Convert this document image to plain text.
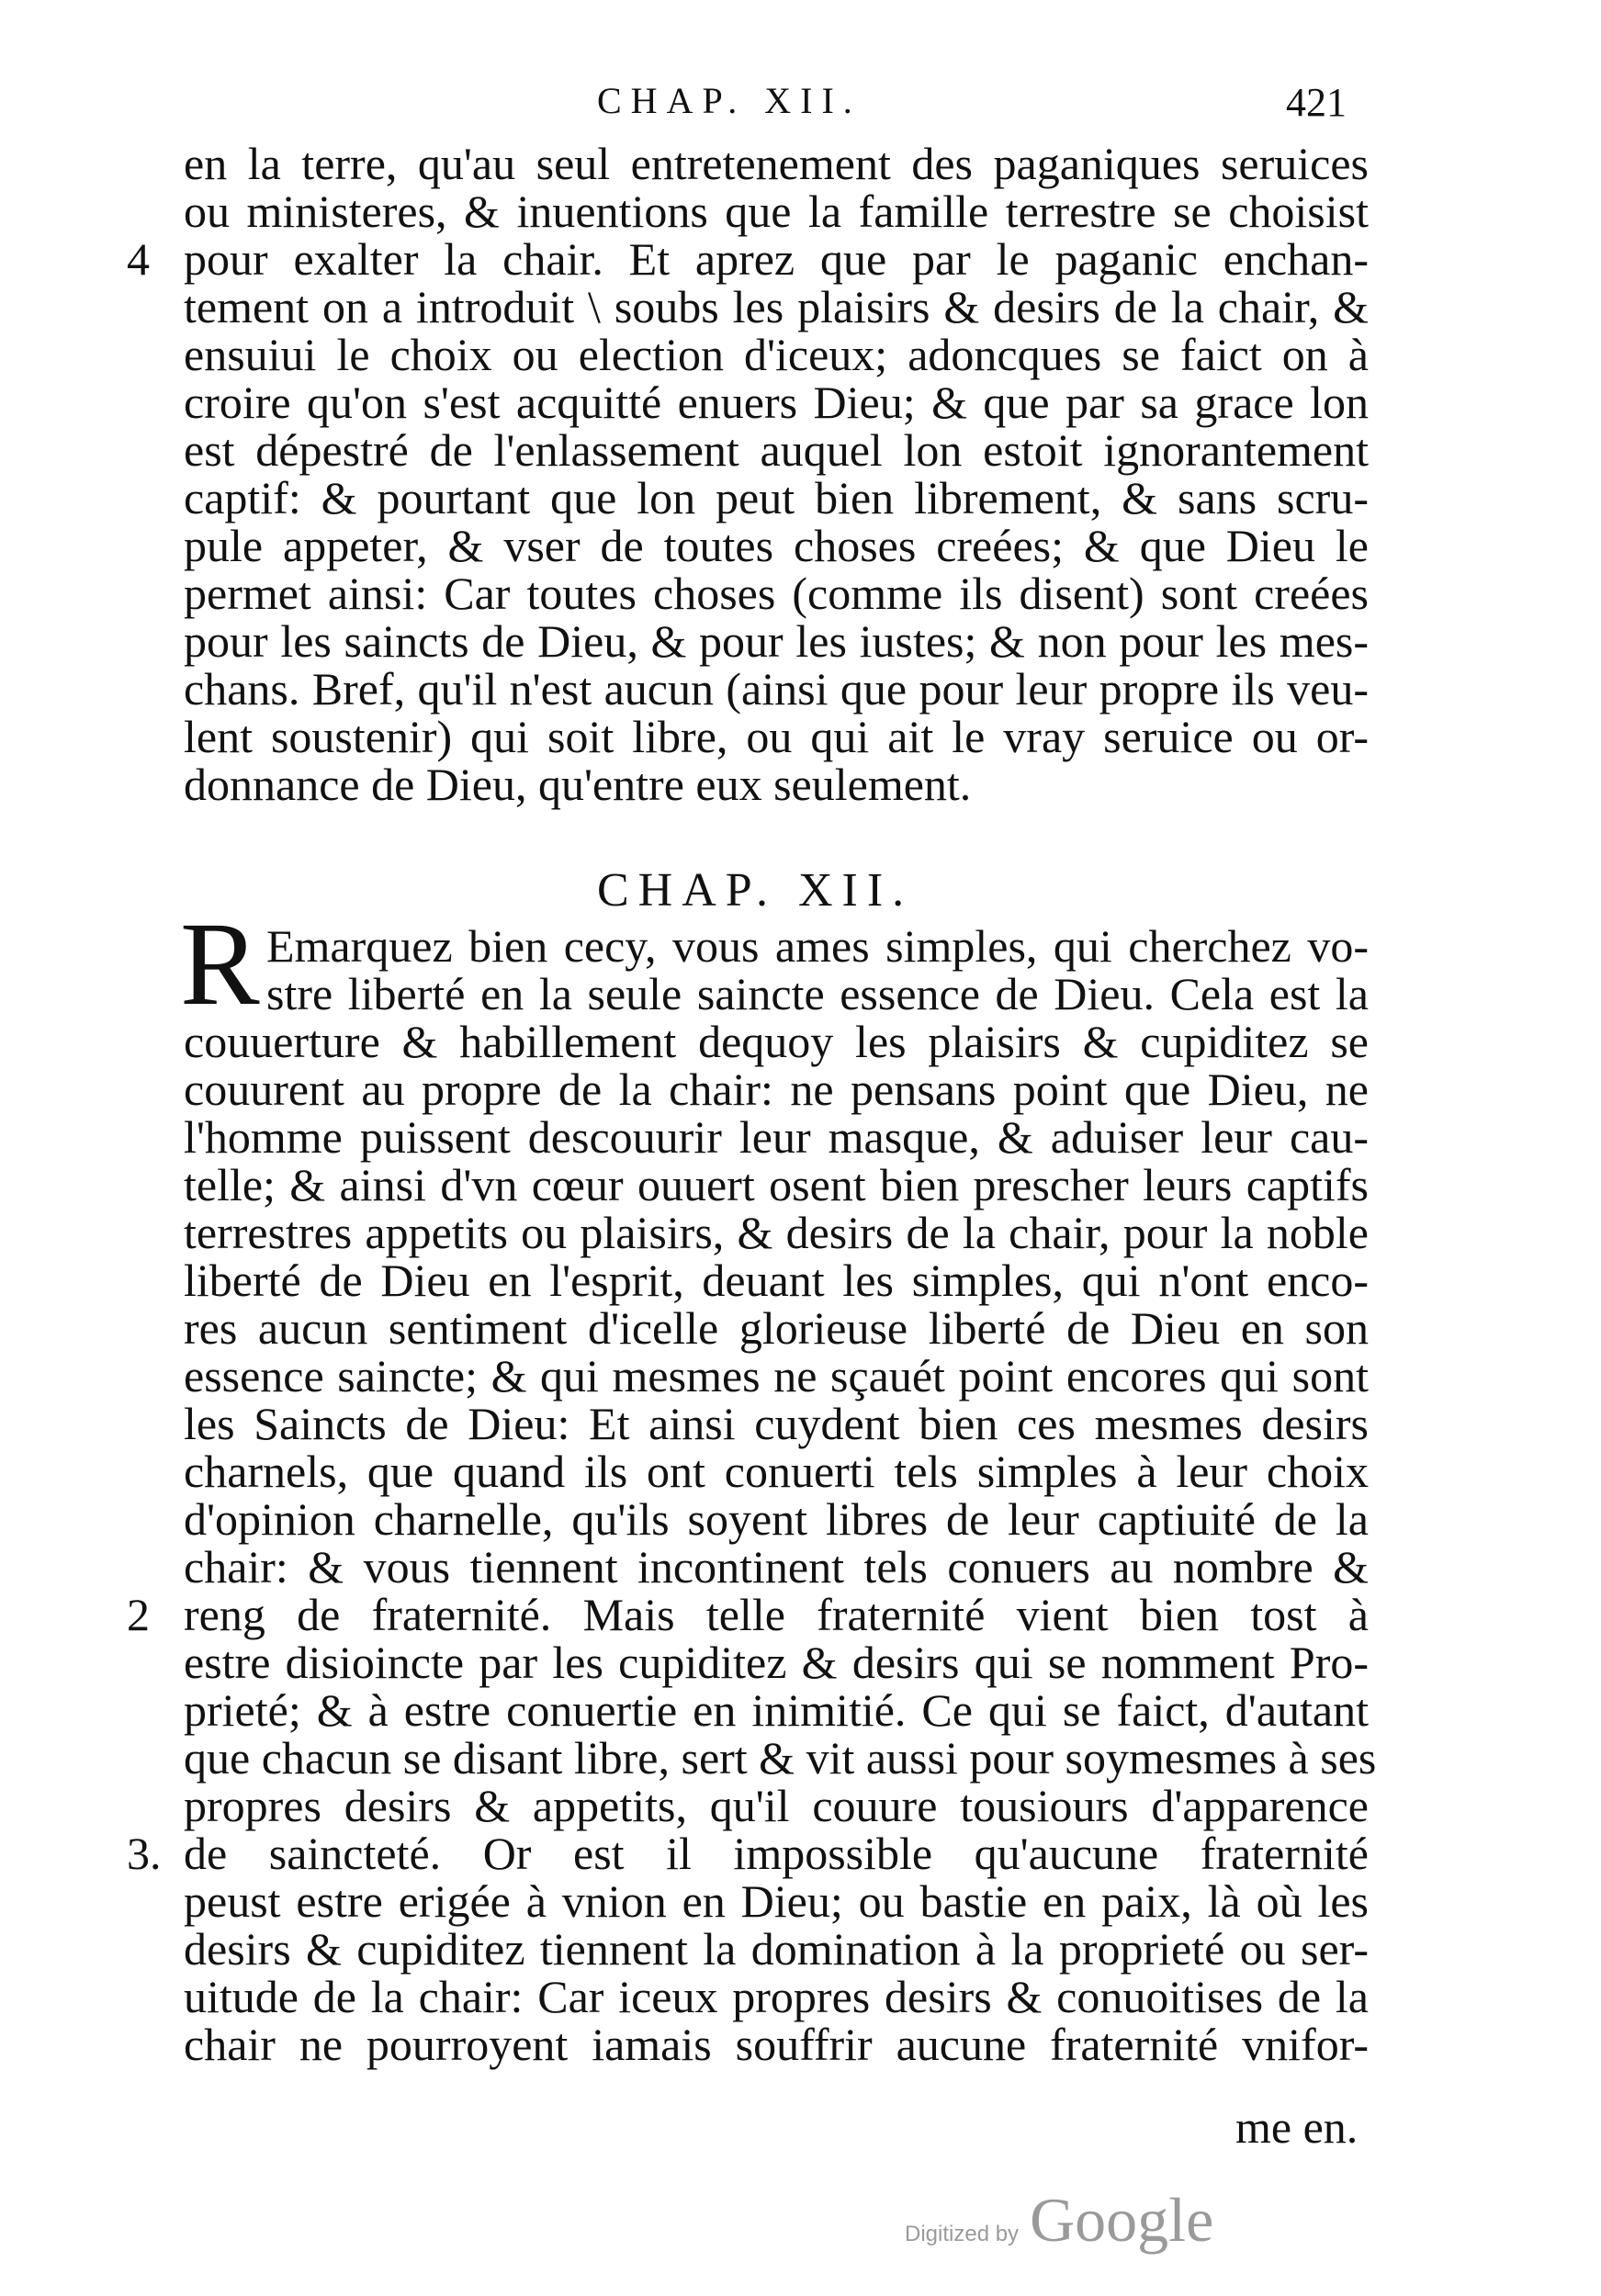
CHAP. XII.	421
en la terre, qu'au seul entretenement des paganiques seruices
ou ministeres, & inuentions que la famille terrestre se choisist
pour exalter la chair. Et aprez que par le paganic enchan-
tement on a introduit \ soubs les plaisirs & desirs de la chair, &
ensuiui le choix ou election d'iceux; adoncques se faict on à
croire qu'on s'est acquitté enuers Dieu; & que par sa grace lon
est dépestré de l'enlassement auquel lon estoit ignorantement
captif: & pourtant que lon peut bien librement, & sans scru-
pule appeter, & vser de toutes choses creées; & que Dieu le
permet ainsi: Car toutes choses (comme ils disent) sont creées
pour les saincts de Dieu, & pour les iustes; & non pour les mes-
chans. Bref, qu'il n'est aucun (ainsi que pour leur propre ils veu-
lent soustenir) qui soit libre, ou qui ait le vray seruice ou or-
donnance de Dieu, qu'entre eux seulement.
4
CHAP. XII.
R Emarquez bien cecy, vous ames simples, qui cherchez vo-
stre liberté en la seule saincte essence de Dieu. Cela est la
couuerture & habillement dequoy les plaisirs & cupiditez se
couurent au propre de la chair: ne pensans point que Dieu, ne
l'homme puissent descouurir leur masque, & aduiser leur cau-
telle; & ainsi d'vn cœur ouuert osent bien prescher leurs captifs
terrestres appetits ou plaisirs, & desirs de la chair, pour la noble
liberté de Dieu en l'esprit, deuant les simples, qui n'ont enco-
res aucun sentiment d'icelle glorieuse liberté de Dieu en son
essence saincte; & qui mesmes ne sçauét point encores qui sont
les Saincts de Dieu: Et ainsi cuydent bien ces mesmes desirs
charnels, que quand ils ont conuerti tels simples à leur choix
d'opinion charnelle, qu'ils soyent libres de leur captiuité de la
chair: & vous tiennent incontinent tels conuers au nombre &
reng de fraternité. Mais telle fraternité vient bien tost à
estre disioincte par les cupiditez & desirs qui se nomment Pro-
prieté; & à estre conuertie en inimitié. Ce qui se faict, d'autant
que chacun se disant libre, sert & vit aussi pour soymesmes à ses
propres desirs & appetits, qu'il couure tousiours d'apparence
de saincteté. Or est il impossible qu'aucune fraternité
peust estre erigée à vnion en Dieu; ou bastie en paix, là où les
desirs & cupiditez tiennent la domination à la proprieté ou ser-
uitude de la chair: Car iceux propres desirs & conuoitises de la
chair ne pourroyent iamais souffrir aucune fraternité vnifor-
2
3.
me en.
Digitized by Google
